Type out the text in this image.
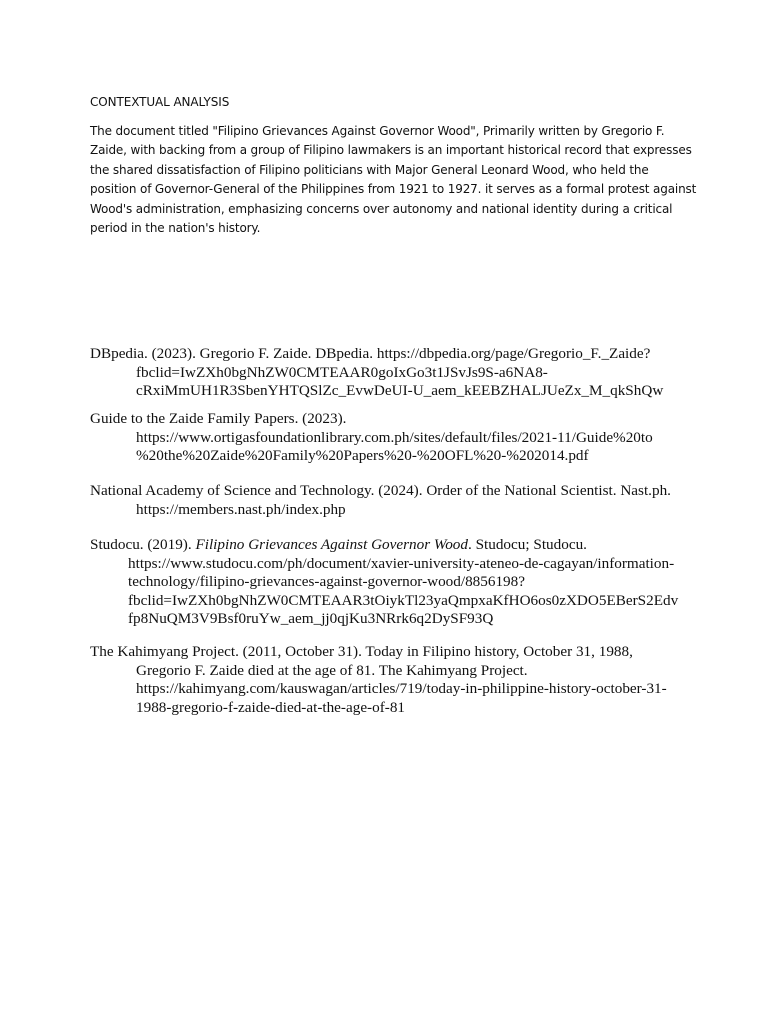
CONTEXTUAL ANALYSIS

The document titled "Filipino Grievances Against Governor Wood", Primarily written by Gregorio F.
Zaide, with backing from a group of Filipino lawmakers is an important historical record that expresses
the shared dissatisfaction of Filipino politicians with Major General Leonard Wood, who held the
position of Governor-General of the Philippines from 1921 to 1927. it serves as a formal protest against
Wood's administration, emphasizing concerns over autonomy and national identity during a critical
period in the nation's history.

DBpedia. (2023). Gregorio F. Zaide. DBpedia. https://dbpedia.org/page/Gregorio_F._Zaide?
fbclid=IwZXh0bgNhZW0CMTEAAR0goIxGo3t1JSvJs9S-a6NA8-
cRxiMmUH1R3SbenYHTQSlZc_EvwDeUI-U_aem_kEEBZHALJUeZx_M_qkShQw
Guide to the Zaide Family Papers. (2023).
https://www.ortigasfoundationlibrary.com.ph/sites/default/files/2021-11/Guide%20to
%20the%20Zaide%20Family%20Papers%20-%20OFL%20-%202014.pdf
National Academy of Science and Technology. (2024). Order of the National Scientist. Nast.ph.
https://members.nast.ph/index.php
Studocu. (2019). Filipino Grievances Against Governor Wood. Studocu; Studocu.
https://www.studocu.com/ph/document/xavier-university-ateneo-de-cagayan/information-
technology/filipino-grievances-against-governor-wood/8856198?
fbclid=IwZXh0bgNhZW0CMTEAAR3tOiykTl23yaQmpxaKfHO6os0zXDO5EBerS2Edv
fp8NuQM3V9Bsf0ruYw_aem_jj0qjKu3NRrk6q2DySF93Q
The Kahimyang Project. (2011, October 31). Today in Filipino history, October 31, 1988,
Gregorio F. Zaide died at the age of 81. The Kahimyang Project.
https://kahimyang.com/kauswagan/articles/719/today-in-philippine-history-october-31-
1988-gregorio-f-zaide-died-at-the-age-of-81
